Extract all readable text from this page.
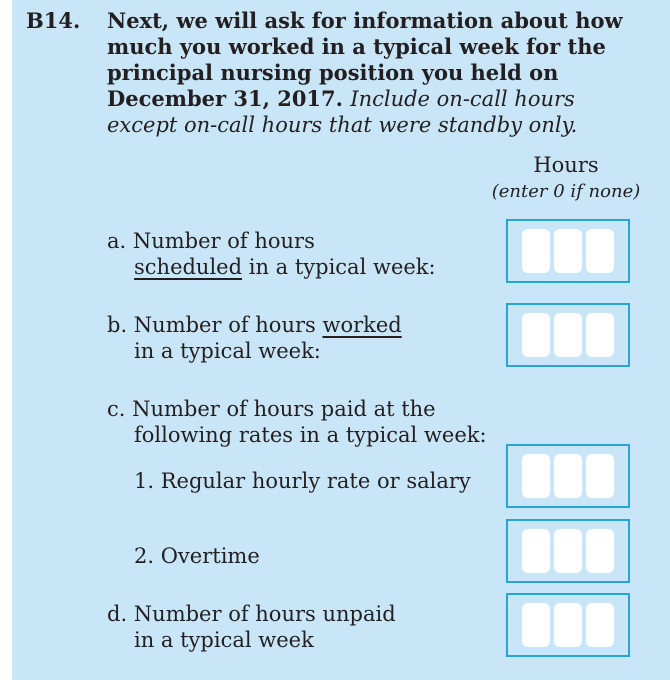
B14. Next, we will ask for information about how
much you worked in a typical week for the
principal nursing position you held on
December 31, 2017. Include on-call hours
except on-call hours that were standby only.
Hours
(enter 0 if none)
a. Number of hours
scheduled in a typical week:
b. Number of hours worked
in a typical week:
c. Number of hours paid at the
following rates in a typical week:
1. Regular hourly rate or salary
2. Overtime
d. Number of hours unpaid
in a typical week
